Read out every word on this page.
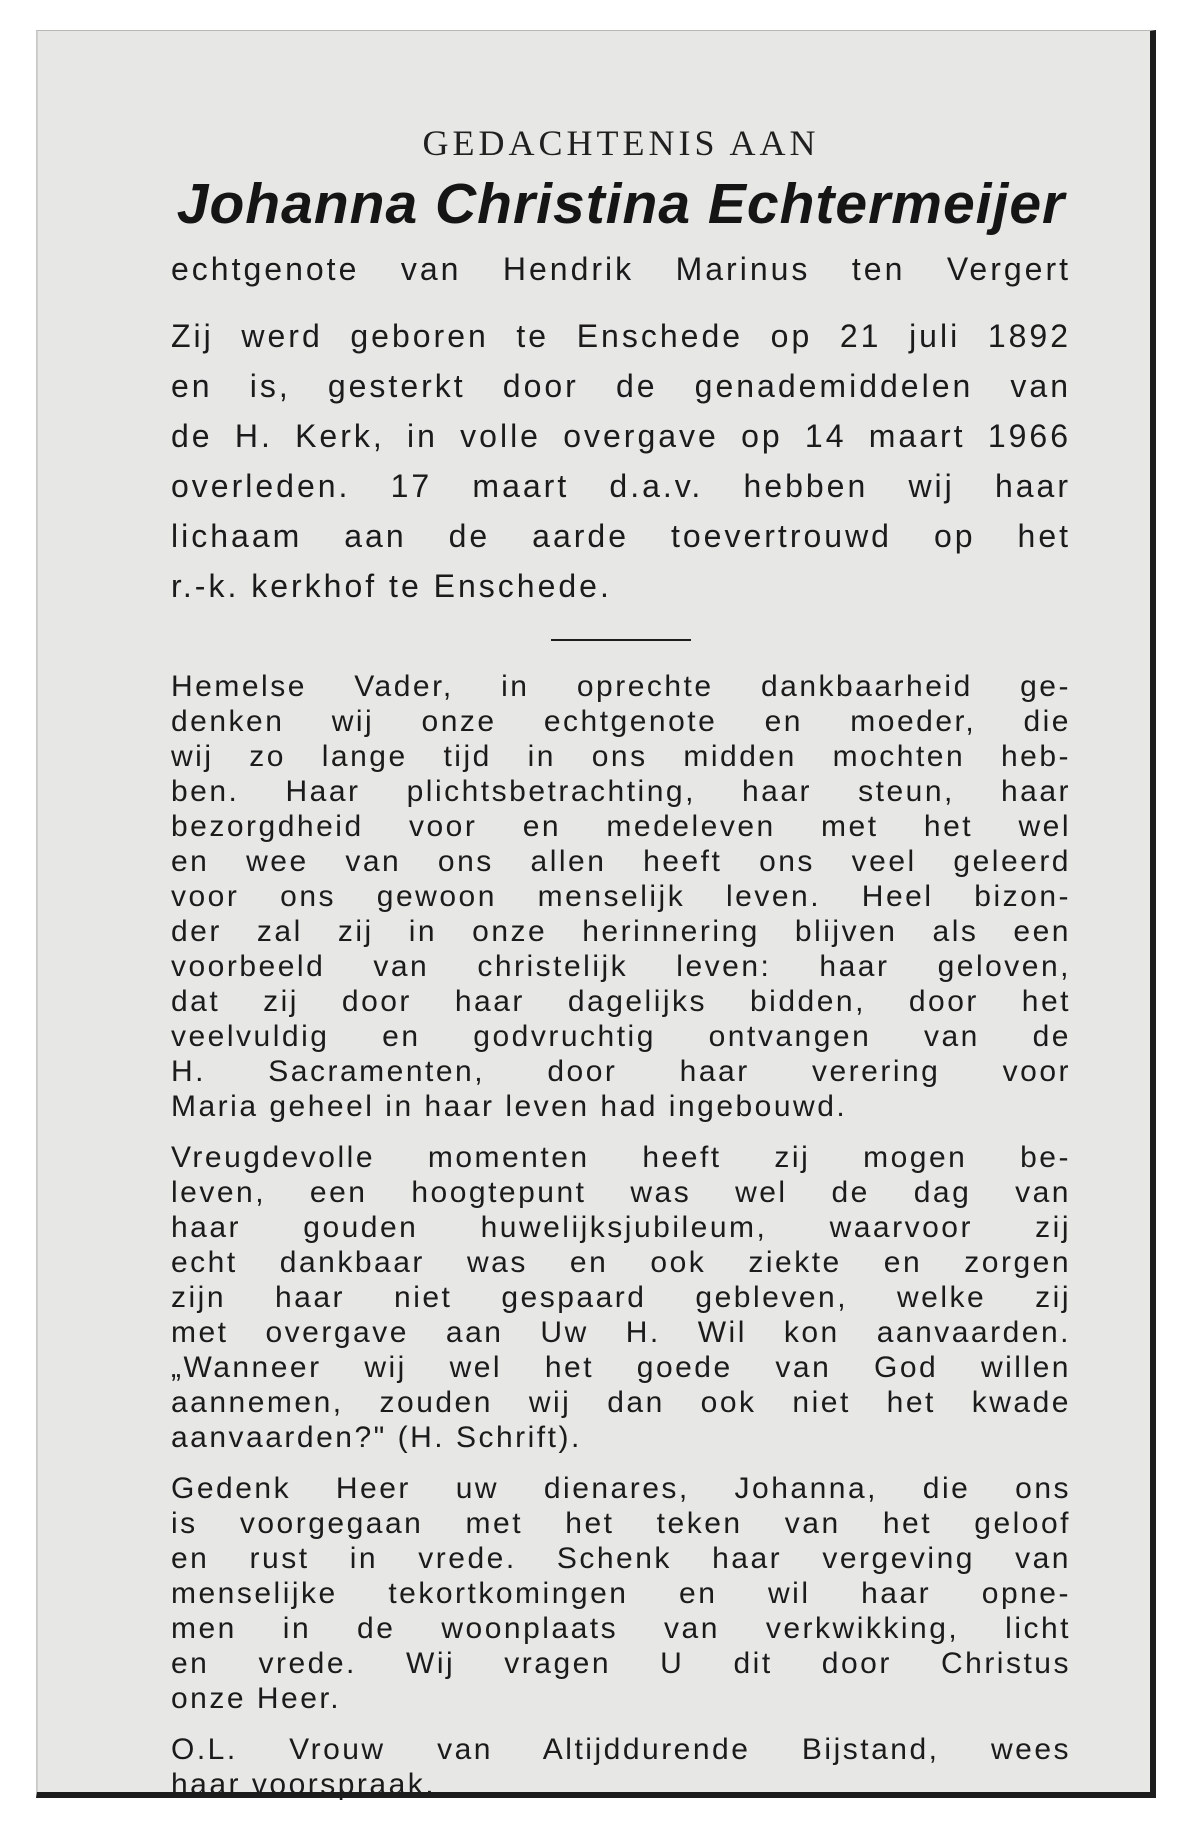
GEDACHTENIS AAN
Johanna Christina Echtermeijer
echtgenote van Hendrik Marinus ten Vergert
Zij werd geboren te Enschede op 21 juli 1892
en is, gesterkt door de genademiddelen van
de H. Kerk, in volle overgave op 14 maart 1966
overleden. 17 maart d.a.v. hebben wij haar
lichaam aan de aarde toevertrouwd op het
r.-k. kerkhof te Enschede.
Hemelse Vader, in oprechte dankbaarheid ge-
denken wij onze echtgenote en moeder, die
wij zo lange tijd in ons midden mochten heb-
ben. Haar plichtsbetrachting, haar steun, haar
bezorgdheid voor en medeleven met het wel
en wee van ons allen heeft ons veel geleerd
voor ons gewoon menselijk leven. Heel bizon-
der zal zij in onze herinnering blijven als een
voorbeeld van christelijk leven: haar geloven,
dat zij door haar dagelijks bidden, door het
veelvuldig en godvruchtig ontvangen van de
H. Sacramenten, door haar verering voor
Maria geheel in haar leven had ingebouwd.
Vreugdevolle momenten heeft zij mogen be-
leven, een hoogtepunt was wel de dag van
haar gouden huwelijksjubileum, waarvoor zij
echt dankbaar was en ook ziekte en zorgen
zijn haar niet gespaard gebleven, welke zij
met overgave aan Uw H. Wil kon aanvaarden.
„Wanneer wij wel het goede van God willen
aannemen, zouden wij dan ook niet het kwade
aanvaarden?" (H. Schrift).
Gedenk Heer uw dienares, Johanna, die ons
is voorgegaan met het teken van het geloof
en rust in vrede. Schenk haar vergeving van
menselijke tekortkomingen en wil haar opne-
men in de woonplaats van verkwikking, licht
en vrede. Wij vragen U dit door Christus
onze Heer.
O.L. Vrouw van Altijddurende Bijstand, wees
haar voorspraak.
